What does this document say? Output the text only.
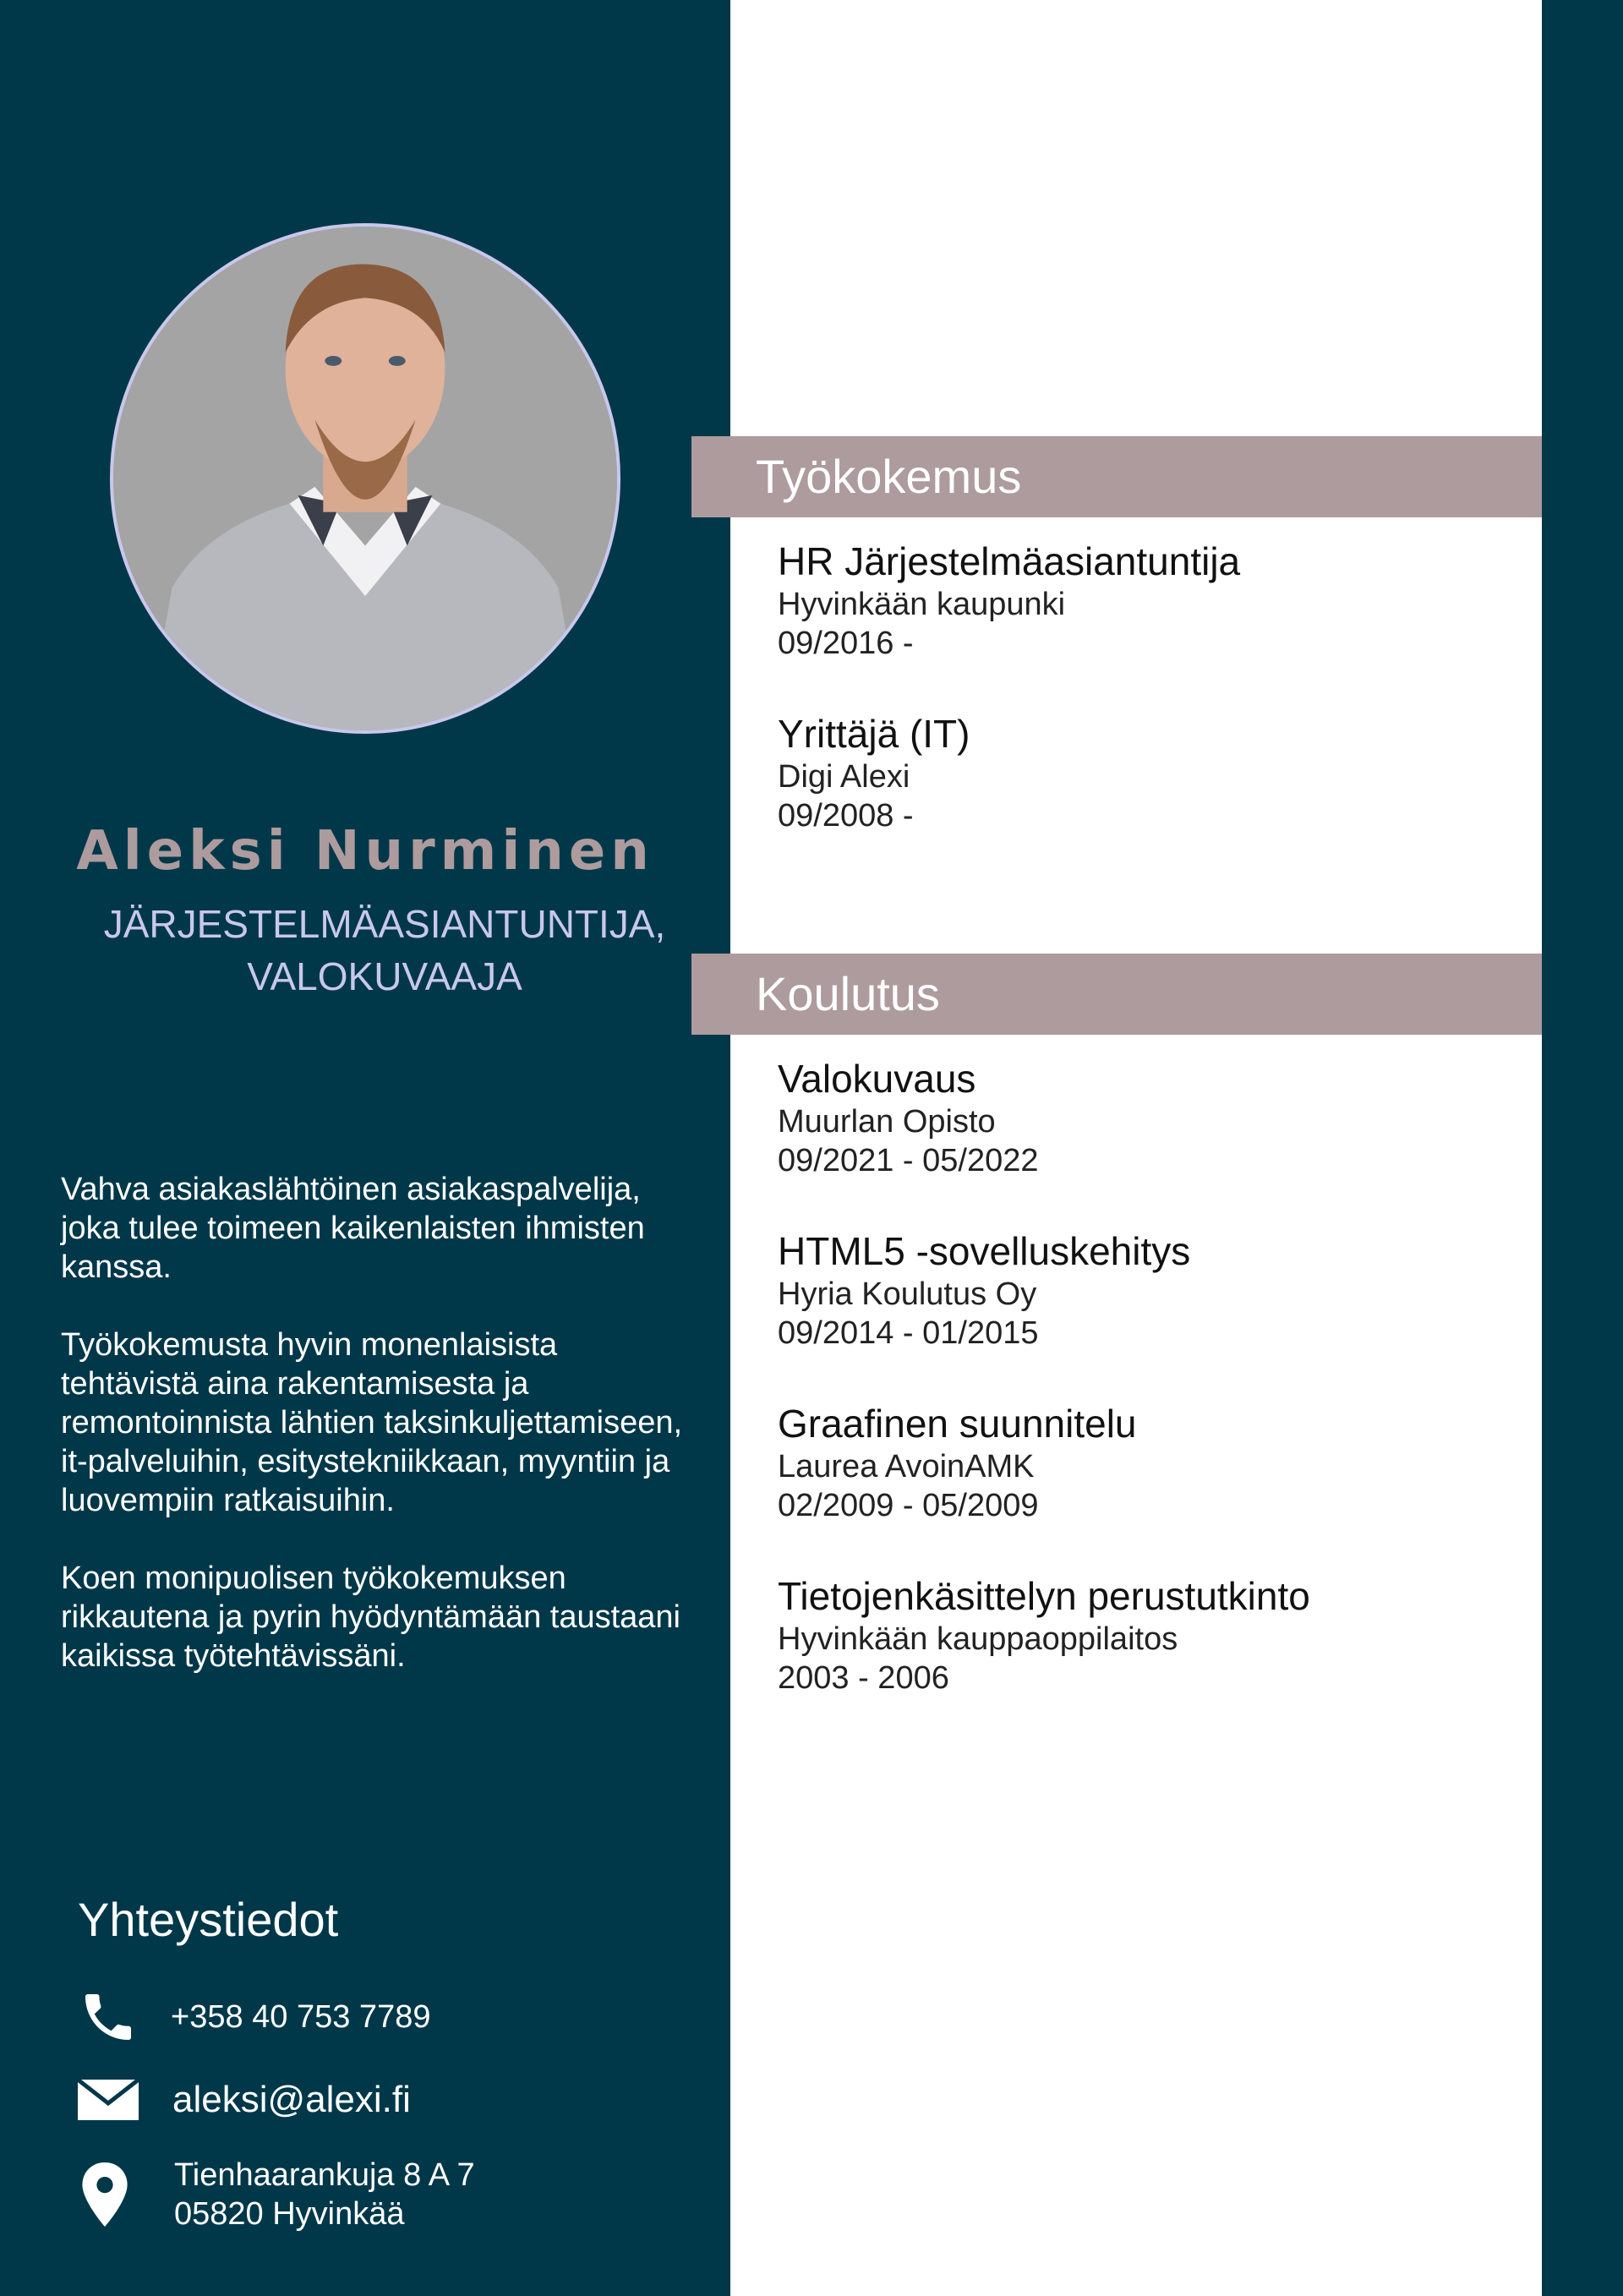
Aleksi Nurminen
JÄRJESTELMÄASIANTUNTIJA,
VALOKUVAAJA

Vahva asiakaslähtöinen asiakaspalvelija, joka tulee toimeen kaikenlaisten ihmisten kanssa.

Työkokemusta hyvin monenlaisista tehtävistä aina rakentamisesta ja remontoinnista lähtien taksinkuljettamiseen, it-palveluihin, esitystekniikkaan, myyntiin ja luovempiin ratkaisuihin.

Koen monipuolisen työkokemuksen rikkautena ja pyrin hyödyntämään taustaani kaikissa työtehtävissäni.

Yhteystiedot
+358 40 753 7789
aleksi@alexi.fi
Tienhaarankuja 8 A 7
05820 Hyvinkää
Työkokemus
HR Järjestelmäasiantuntija
Hyvinkään kaupunki
09/2016 -
Yrittäjä (IT)
Digi Alexi
09/2008 -
Koulutus
Valokuvaus
Muurlan Opisto
09/2021 - 05/2022
HTML5 -sovelluskehitys
Hyria Koulutus Oy
09/2014 - 01/2015
Graafinen suunnitelu
Laurea AvoinAMK
02/2009 - 05/2009
Tietojenkäsittelyn perustutkinto
Hyvinkään kauppaoppilaitos
2003 - 2006
